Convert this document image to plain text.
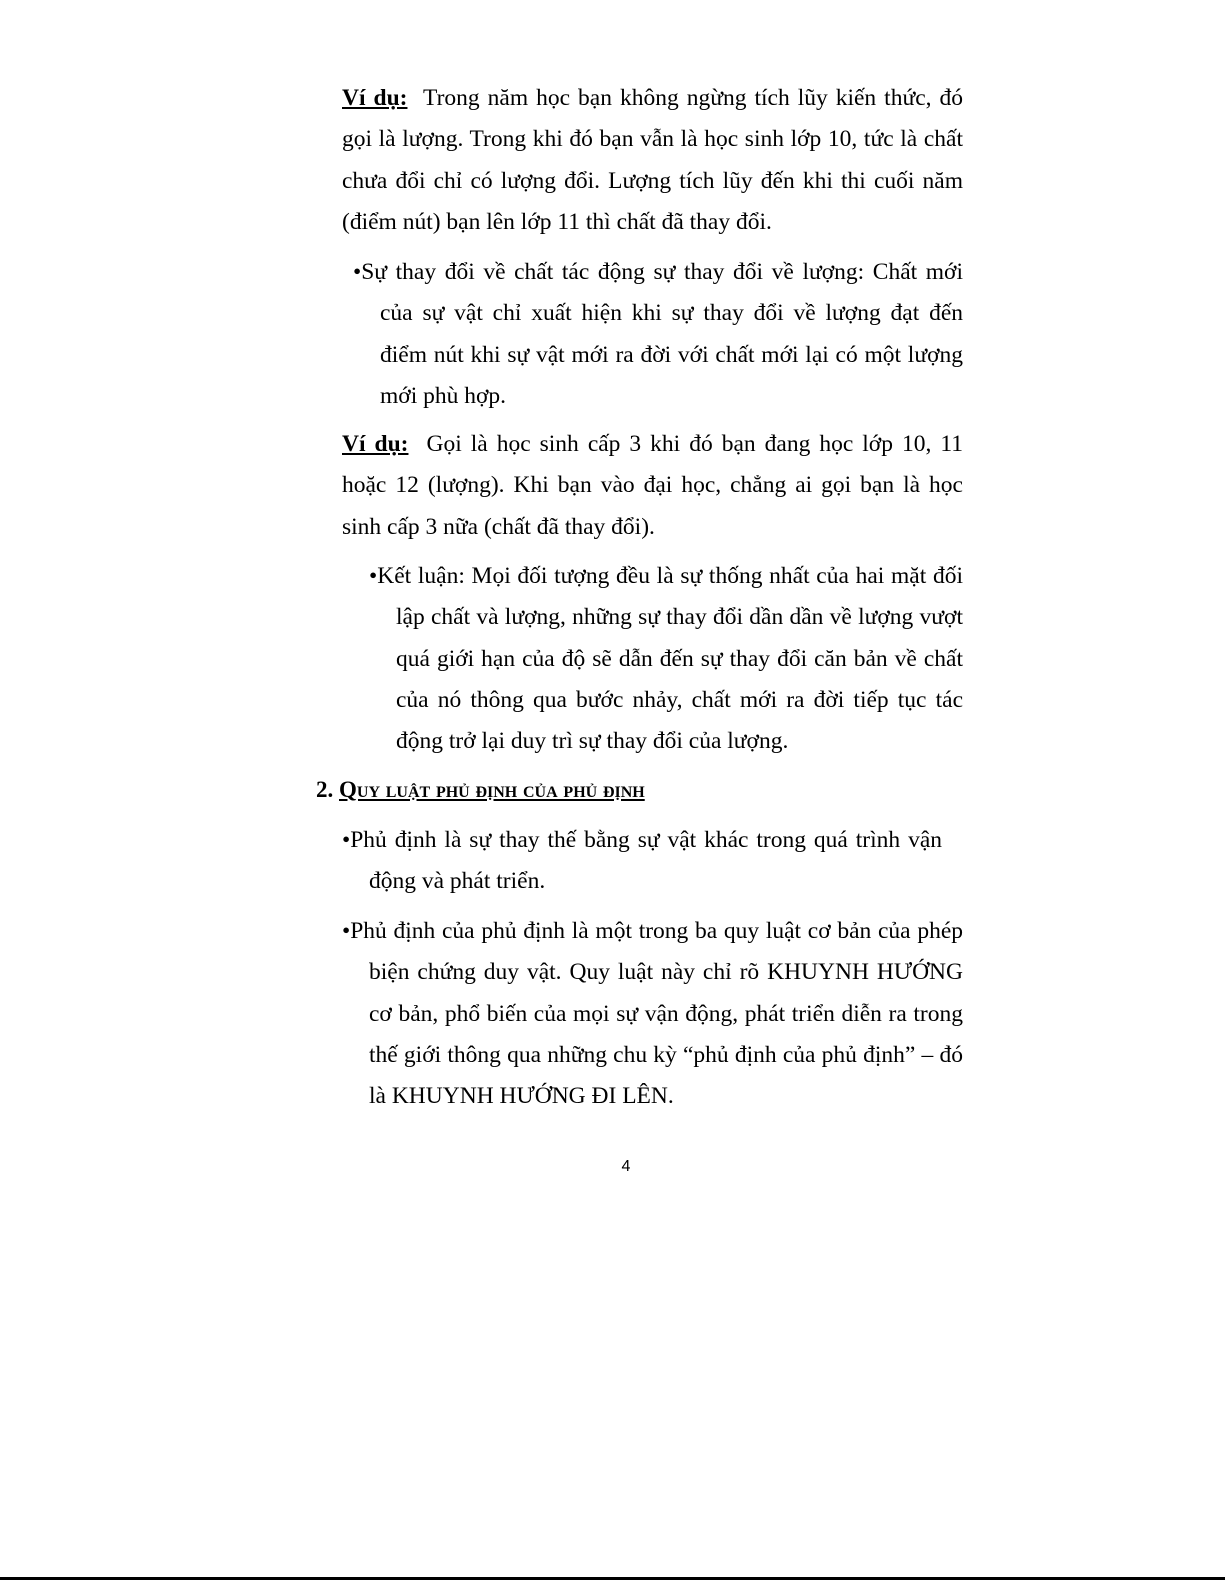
Ví dụ: Trong năm học bạn không ngừng tích lũy kiến thức, đó gọi là lượng. Trong khi đó bạn vẫn là học sinh lớp 10, tức là chất chưa đổi chỉ có lượng đổi. Lượng tích lũy đến khi thi cuối năm (điểm nút) bạn lên lớp 11 thì chất đã thay đổi.

•Sự thay đổi về chất tác động sự thay đổi về lượng: Chất mới của sự vật chỉ xuất hiện khi sự thay đổi về lượng đạt đến điểm nút khi sự vật mới ra đời với chất mới lại có một lượng mới phù hợp.

Ví dụ: Gọi là học sinh cấp 3 khi đó bạn đang học lớp 10, 11 hoặc 12 (lượng). Khi bạn vào đại học, chẳng ai gọi bạn là học sinh cấp 3 nữa (chất đã thay đổi).

•Kết luận: Mọi đối tượng đều là sự thống nhất của hai mặt đối lập chất và lượng, những sự thay đổi dần dần về lượng vượt quá giới hạn của độ sẽ dẫn đến sự thay đổi căn bản về chất của nó thông qua bước nhảy, chất mới ra đời tiếp tục tác động trở lại duy trì sự thay đổi của lượng.

2. Quy luật phủ định của phủ định

•Phủ định là sự thay thế bằng sự vật khác trong quá trình vận động và phát triển.

•Phủ định của phủ định là một trong ba quy luật cơ bản của phép biện chứng duy vật. Quy luật này chỉ rõ KHUYNH HƯỚNG cơ bản, phổ biến của mọi sự vận động, phát triển diễn ra trong thế giới thông qua những chu kỳ “phủ định của phủ định” – đó là KHUYNH HƯỚNG ĐI LÊN.

4
